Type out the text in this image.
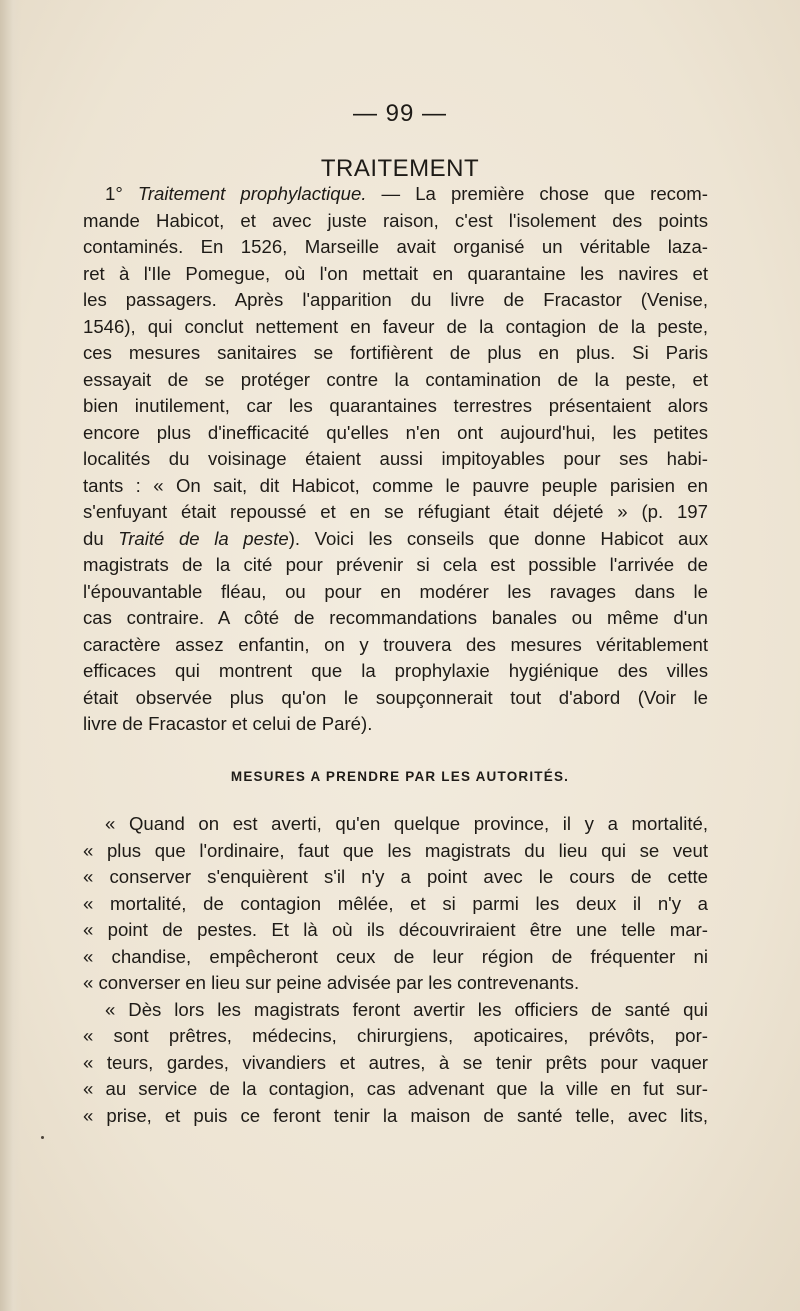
— 99 —
TRAITEMENT
1° Traitement prophylactique. — La première chose que recom-
mande Habicot, et avec juste raison, c'est l'isolement des points
contaminés. En 1526, Marseille avait organisé un véritable laza-
ret à l'Ile Pomegue, où l'on mettait en quarantaine les navires et
les passagers. Après l'apparition du livre de Fracastor (Venise,
1546), qui conclut nettement en faveur de la contagion de la peste,
ces mesures sanitaires se fortifièrent de plus en plus. Si Paris
essayait de se protéger contre la contamination de la peste, et
bien inutilement, car les quarantaines terrestres présentaient alors
encore plus d'inefficacité qu'elles n'en ont aujourd'hui, les petites
localités du voisinage étaient aussi impitoyables pour ses habi-
tants : « On sait, dit Habicot, comme le pauvre peuple parisien en
s'enfuyant était repoussé et en se réfugiant était déjeté » (p. 197
du Traité de la peste). Voici les conseils que donne Habicot aux
magistrats de la cité pour prévenir si cela est possible l'arrivée de
l'épouvantable fléau, ou pour en modérer les ravages dans le
cas contraire. A côté de recommandations banales ou même d'un
caractère assez enfantin, on y trouvera des mesures véritablement
efficaces qui montrent que la prophylaxie hygiénique des villes
était observée plus qu'on le soupçonnerait tout d'abord (Voir le
livre de Fracastor et celui de Paré).
MESURES A PRENDRE PAR LES AUTORITÉS.
« Quand on est averti, qu'en quelque province, il y a mortalité,
« plus que l'ordinaire, faut que les magistrats du lieu qui se veut
« conserver s'enquièrent s'il n'y a point avec le cours de cette
« mortalité, de contagion mêlée, et si parmi les deux il n'y a
« point de pestes. Et là où ils découvriraient être une telle mar-
« chandise, empêcheront ceux de leur région de fréquenter ni
« converser en lieu sur peine advisée par les contrevenants.
« Dès lors les magistrats feront avertir les officiers de santé qui
« sont prêtres, médecins, chirurgiens, apoticaires, prévôts, por-
« teurs, gardes, vivandiers et autres, à se tenir prêts pour vaquer
« au service de la contagion, cas advenant que la ville en fut sur-
« prise, et puis ce feront tenir la maison de santé telle, avec lits,
